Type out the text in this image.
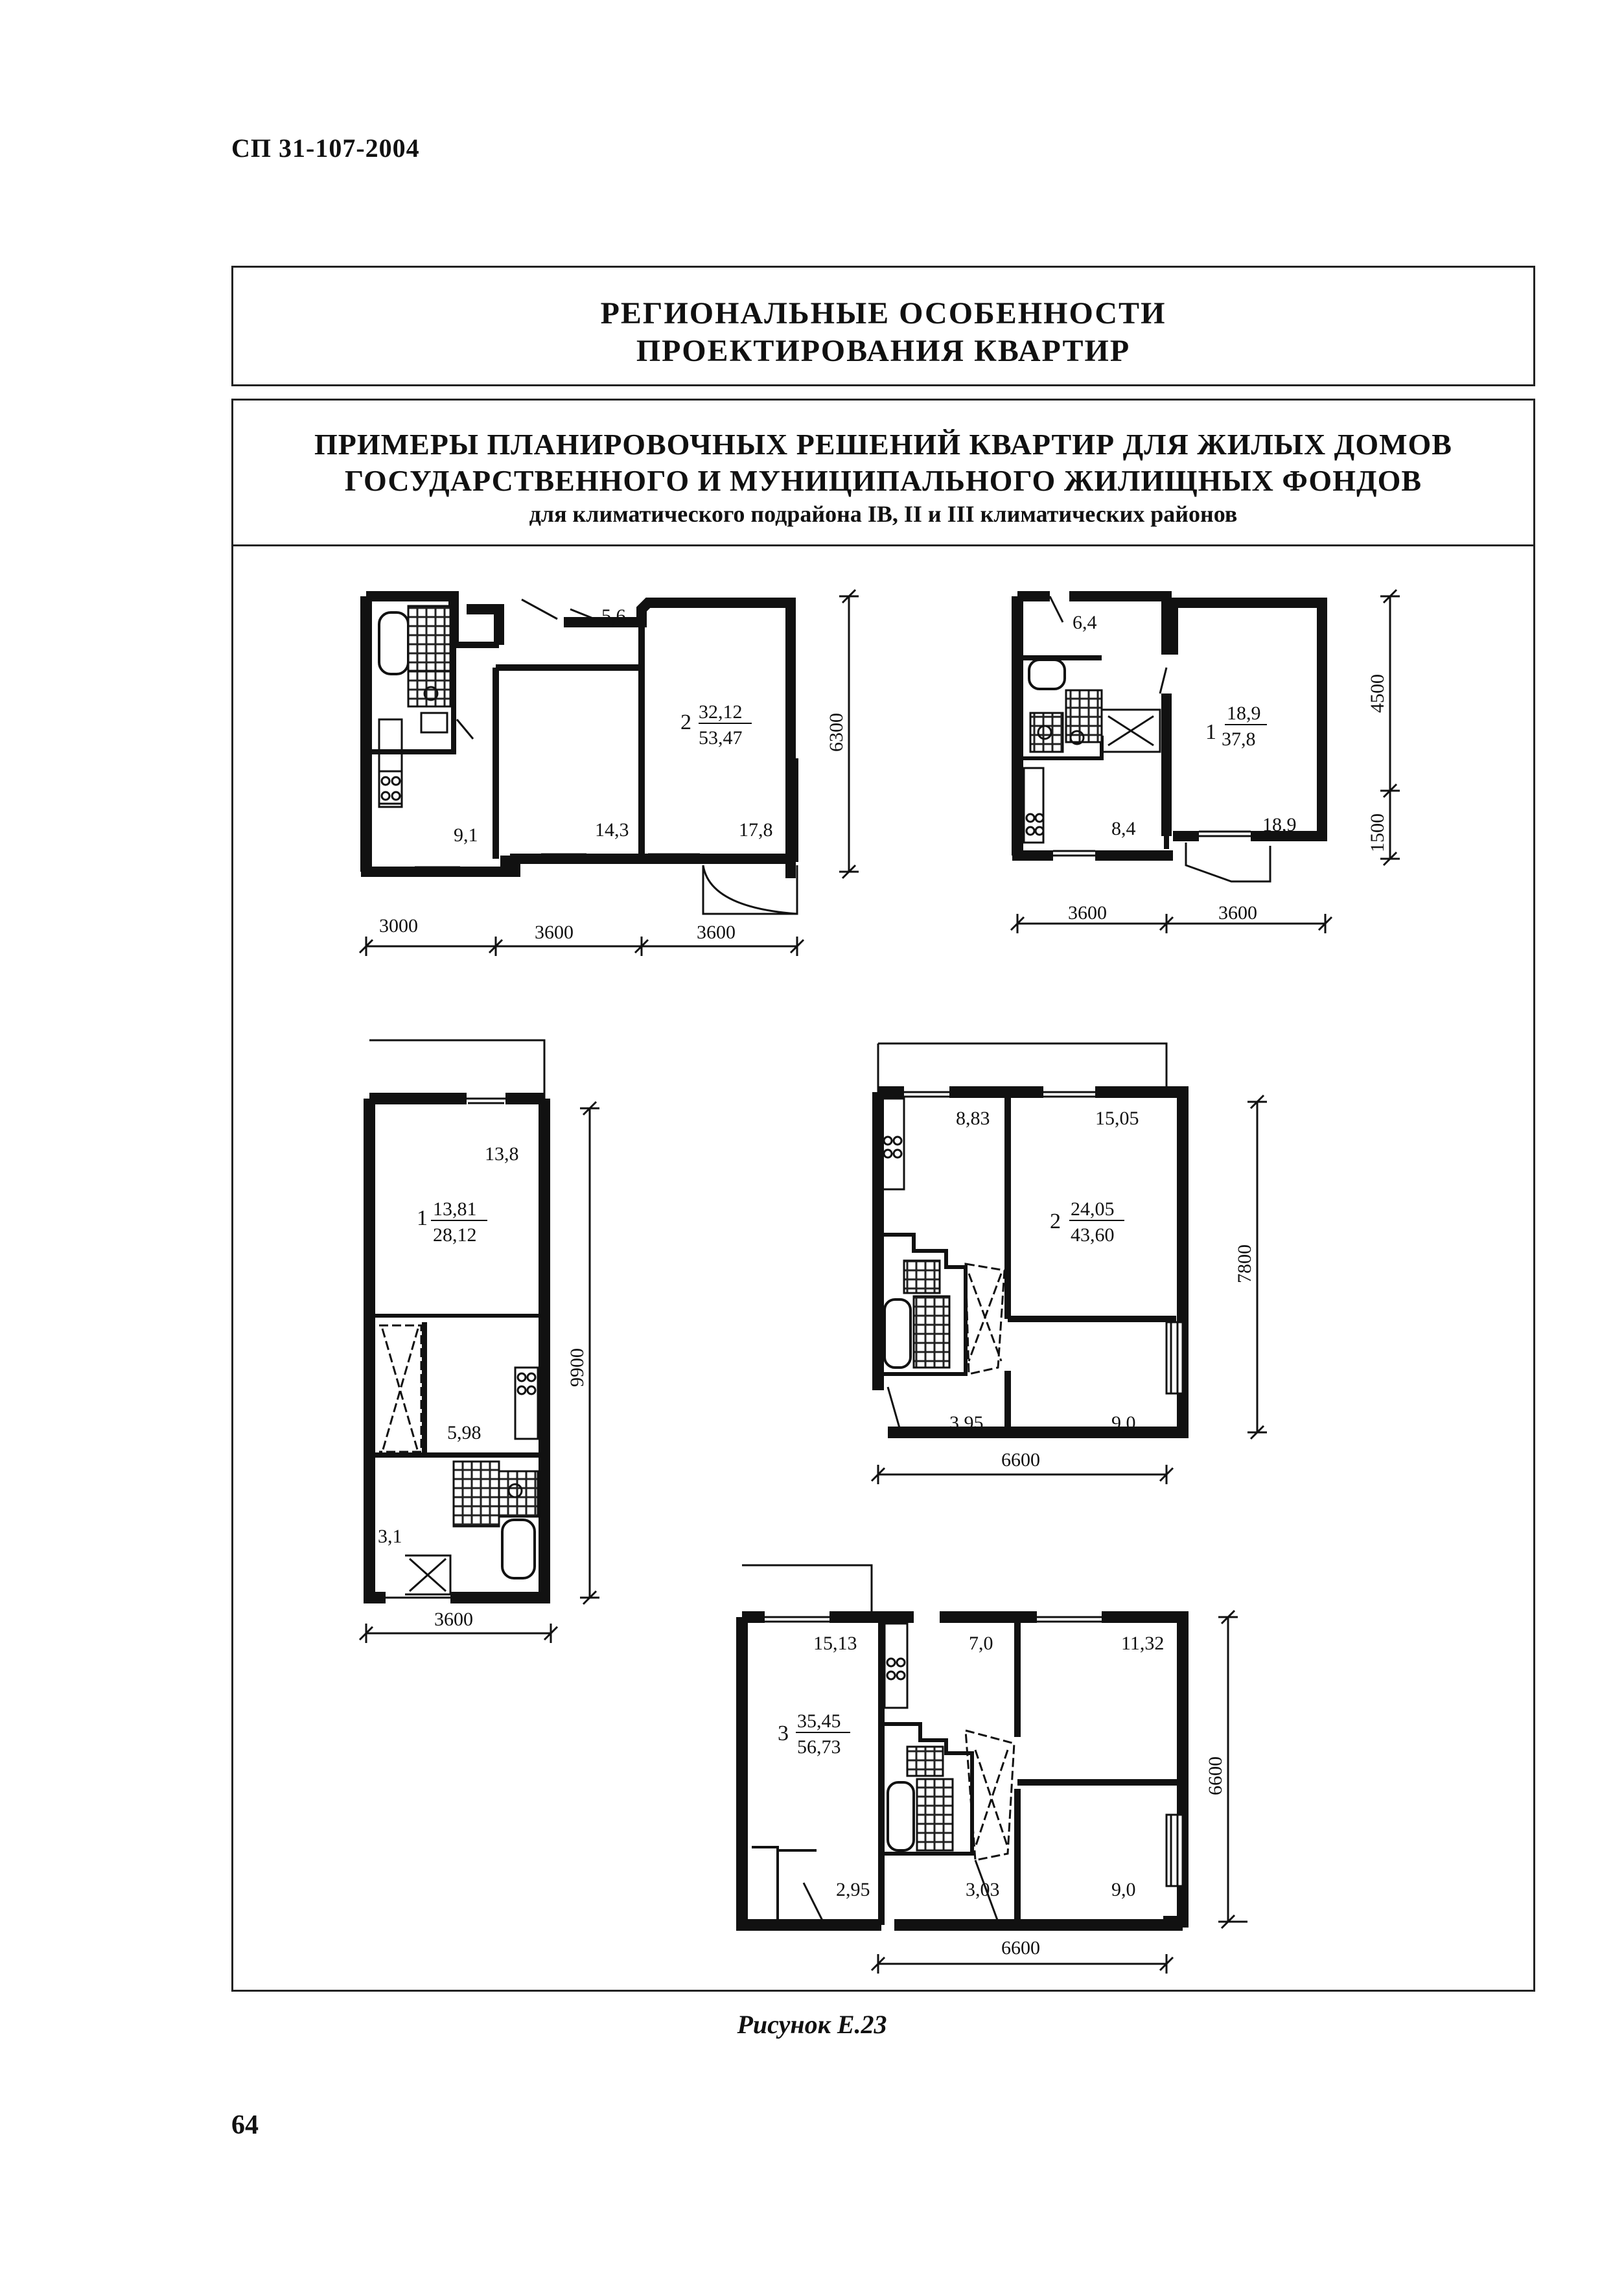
СП 31-107-2004
РЕГИОНАЛЬНЫЕ ОСОБЕННОСТИ
ПРОЕКТИРОВАНИЯ КВАРТИР
ПРИМЕРЫ ПЛАНИРОВОЧНЫХ РЕШЕНИЙ КВАРТИР ДЛЯ ЖИЛЫХ ДОМОВ
ГОСУДАРСТВЕННОГО И МУНИЦИПАЛЬНОГО ЖИЛИЩНЫХ ФОНДОВ
для климатического подрайона IВ, II и III климатических районов
5,6
9,1	14,3	17,8
2 32,12
53,47
3000	3600	3600
6300
6,4
8,4	18,9
1
18,9
37,8
3600	3600
4500
1500
13,8
5,98
3,1
1 13,81
28,12
3600
9900
8,83	15,05
3,95	9,0
2
24,05
43,60
6600
7800
15,13	7,0	11,32
2,95	3,03	9,0
3
35,45
56,73
6600
6600
Рисунок Е.23
64
